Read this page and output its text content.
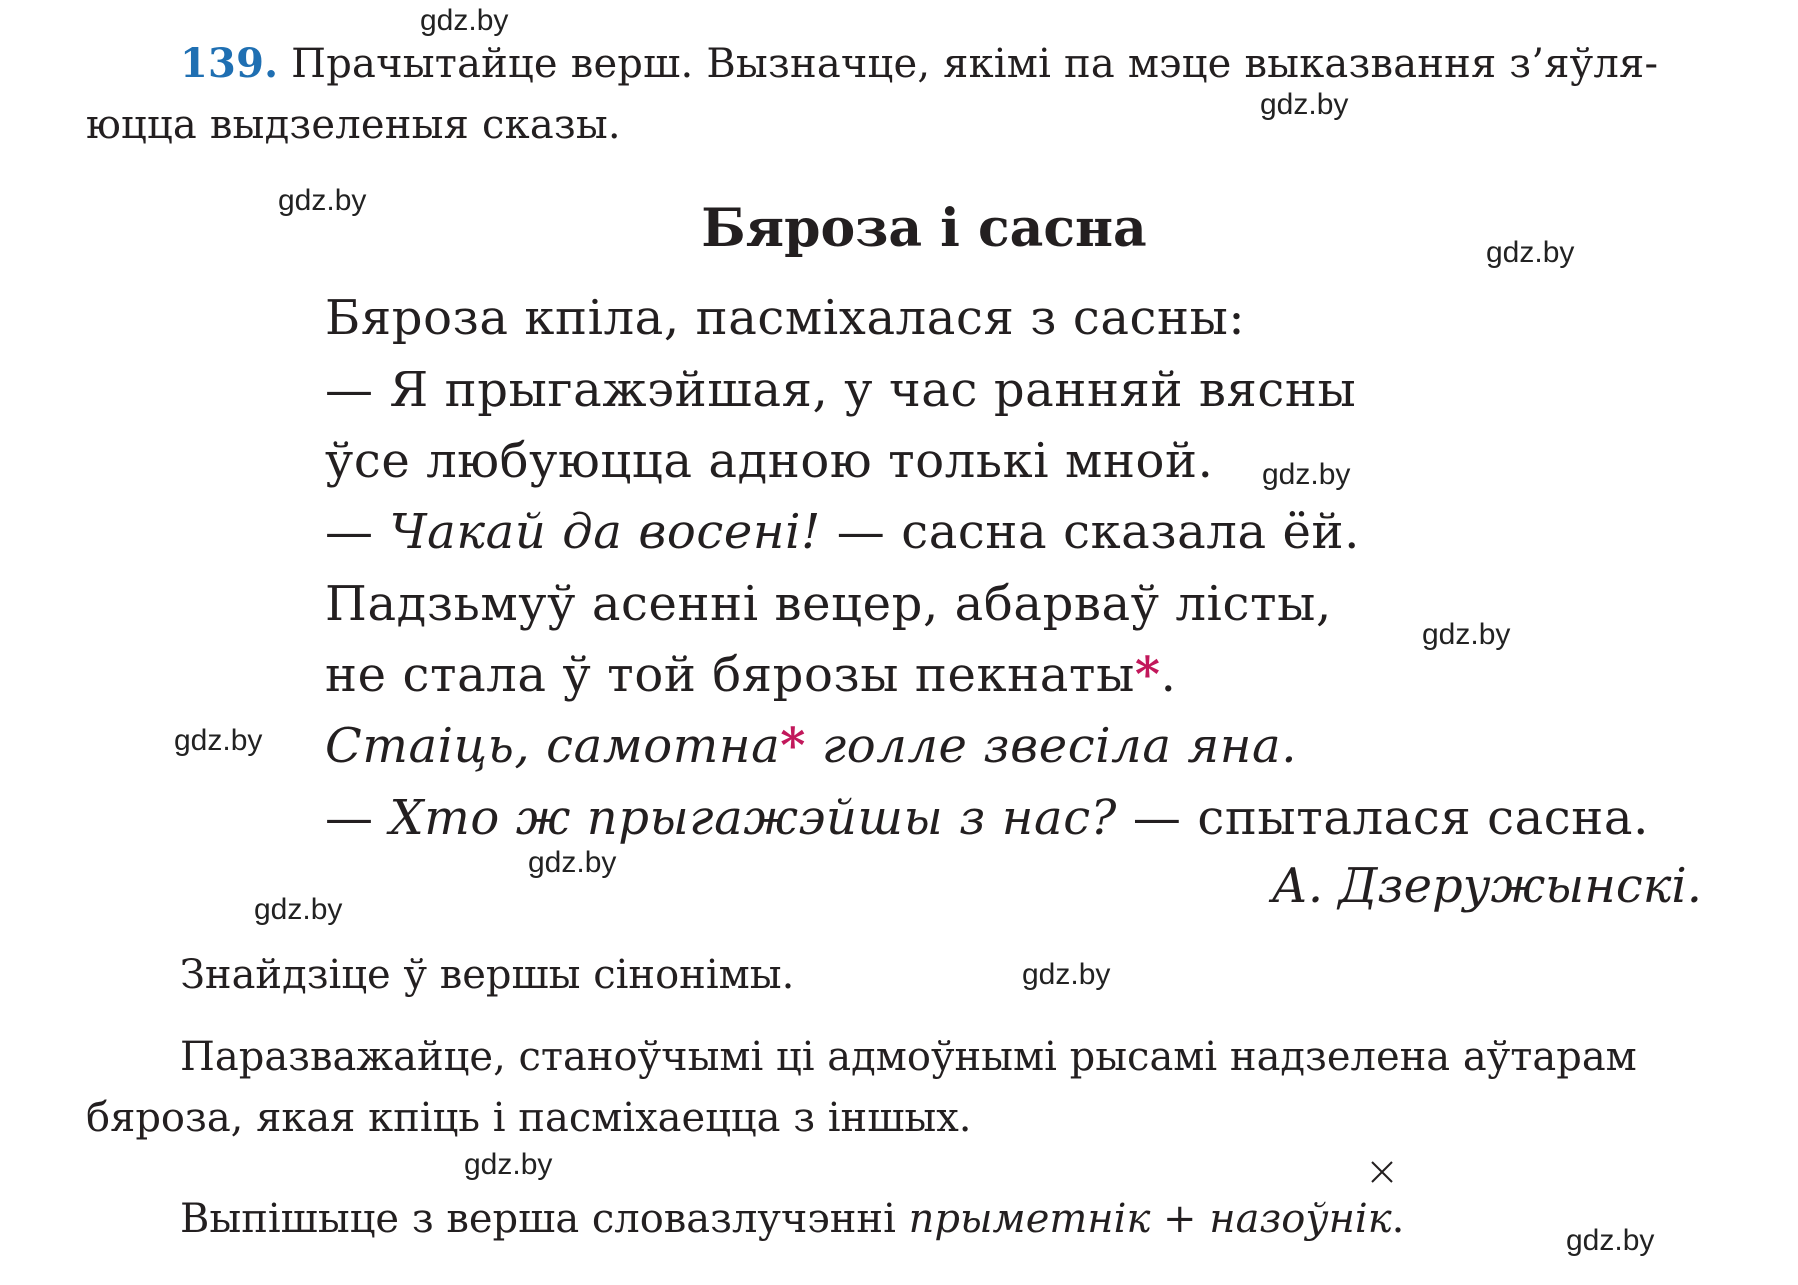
gdz.by
gdz.by
gdz.by
gdz.by
gdz.by
gdz.by
gdz.by
gdz.by
gdz.by
gdz.by
gdz.by
gdz.by
139. Прачытайце верш. Вызначце, якімі па мэце выказвання з’яўля-
юцца выдзеленыя сказы.
Бяроза і сасна
Бяроза кпіла, пасміхалася з сасны:
— Я прыгажэйшая, у час ранняй вясны
ўсе любуюцца адною толькі мной.
— Чакай да восені! — сасна сказала ёй.
Падзьмуў асенні вецер, абарваў лісты,
не стала ў той бярозы пекнаты*.
Стаіць, самотна* голле звесіла яна.
— Хто ж прыгажэйшы з нас? — спыталася сасна.
А. Дзеружынскі.
Знайдзіце ў вершы сінонімы.
Паразважайце, станоўчымі ці адмоўнымі рысамі надзелена аўтарам
бяроза, якая кпіць і пасміхаецца з іншых.
Выпішыце з верша словазлучэнні прыметнік + назоўнік.
